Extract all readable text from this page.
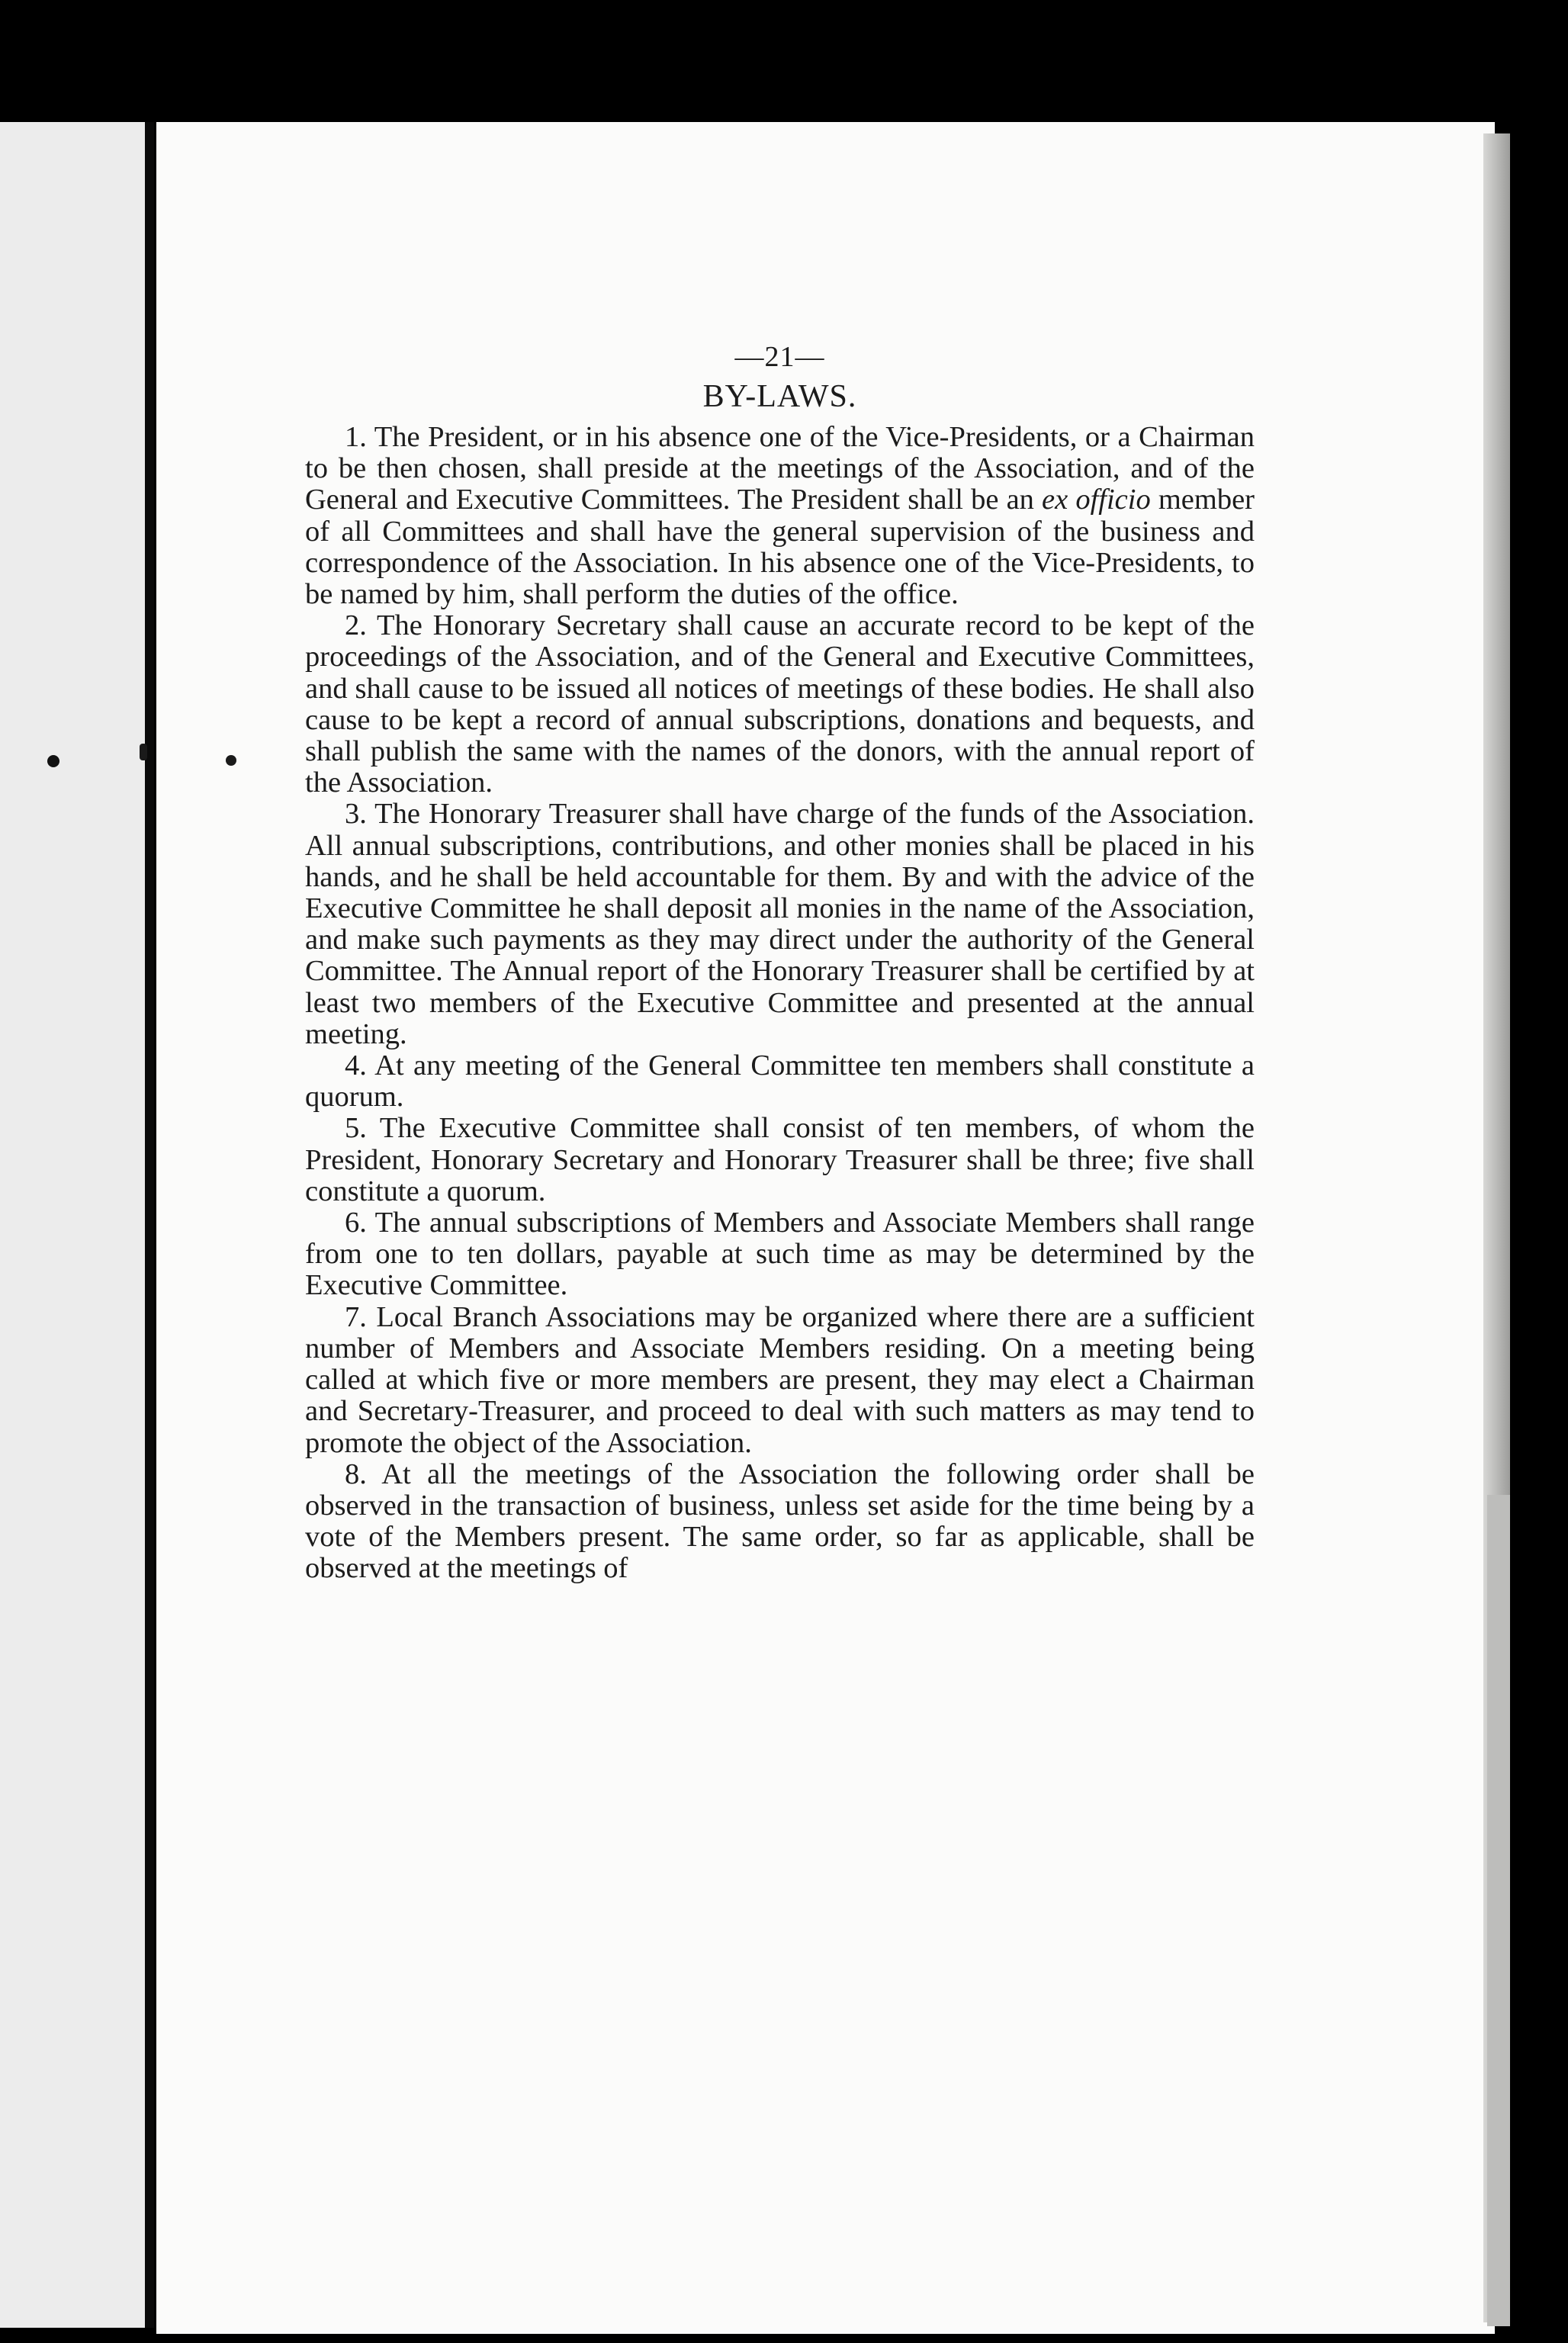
—21—

BY-LAWS.

1. The President, or in his absence one of the Vice-Presidents, or a Chairman to be then chosen, shall preside at the meetings of the Association, and of the General and Executive Committees. The President shall be an ex officio member of all Committees and shall have the general supervision of the business and correspondence of the Association. In his absence one of the Vice-Presidents, to be named by him, shall perform the duties of the office.

2. The Honorary Secretary shall cause an accurate record to be kept of the proceedings of the Association, and of the General and Executive Committees, and shall cause to be issued all notices of meetings of these bodies. He shall also cause to be kept a record of annual subscriptions, donations and bequests, and shall publish the same with the names of the donors, with the annual report of the Association.

3. The Honorary Treasurer shall have charge of the funds of the Association. All annual subscriptions, contributions, and other monies shall be placed in his hands, and he shall be held accountable for them. By and with the advice of the Executive Committee he shall deposit all monies in the name of the Association, and make such payments as they may direct under the authority of the General Committee. The Annual report of the Honorary Treasurer shall be certified by at least two members of the Executive Committee and presented at the annual meeting.

4. At any meeting of the General Committee ten members shall constitute a quorum.

5. The Executive Committee shall consist of ten members, of whom the President, Honorary Secretary and Honorary Treasurer shall be three; five shall constitute a quorum.

6. The annual subscriptions of Members and Associate Members shall range from one to ten dollars, payable at such time as may be determined by the Executive Committee.

7. Local Branch Associations may be organized where there are a sufficient number of Members and Associate Members residing. On a meeting being called at which five or more members are present, they may elect a Chairman and Secretary-Treasurer, and proceed to deal with such matters as may tend to promote the object of the Association.

8. At all the meetings of the Association the following order shall be observed in the transaction of business, unless set aside for the time being by a vote of the Members present. The same order, so far as applicable, shall be observed at the meetings of
